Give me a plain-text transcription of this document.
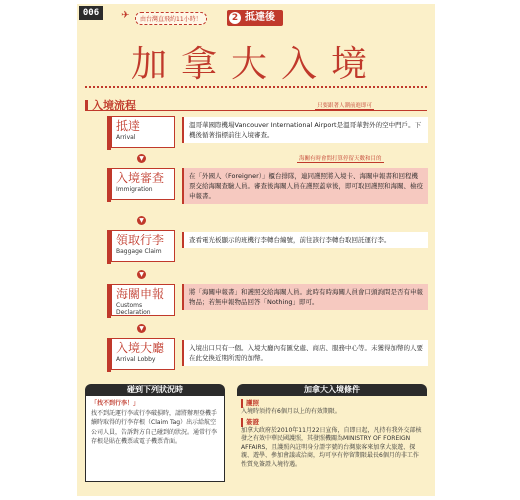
006	✈	由台灣直飛約11小時！	2 抵達後
加拿大入境
入境流程	只要跟著人潮前進即可
抵達
Arrival
溫哥華國際機場Vancouver International Airport是溫哥華對外的空中門戶。下機後循著指標前往入境審查。
▼	海關有時會問打算停留天數和目的
入境審查
Immigration
在「外國人（Foreigner）」櫃台排隊，連同護照將入境卡、海關申報書和回程機票交給海關查驗人員。審查後海關人員在護照蓋章後，即可取回護照和海關、檢疫申報書。
▼
領取行李
Baggage Claim
查看電光板顯示的班機行李轉台編號，前往該行李轉台取回託運行李。
▼
海關申報
Customs Declaration
將「海關申報書」和護照交給海關人員。此時有時海關人員會口頭詢問是否有申報物品；若無申報物品回答「Nothing」即可。
▼
入境大廳
Arrival Lobby
入境出口只有一個。入境大廳內有匯兌處、商店、服務中心等。未獲得加幣的人要在此兌換近期所需的加幣。
碰到下列狀況時
「找不到行李！」
找不到託運行李或行李破損時，請將辦理登機手續時取得的行李存根（Claim Tag）出示給航空公司人員，告訴對方自己碰到的狀況。通常行李存根是貼在機票或電子機票背面。
加拿大入境條件
護照
入境時須持有6個月以上的有效期限。
簽證
加拿大政府於2010年11月22日宣佈，自即日起，凡持有我外交部核發之有效中華民國護照，其發照機關為MINISTRY OF FOREIGN AFFAIRS，且護照內註明身分證字號的台灣旅客來加拿大旅遊、探親、遊學、參加會議或洽商，均可享有停留期限最長6個月的非工作性質免簽證入境待遇。
